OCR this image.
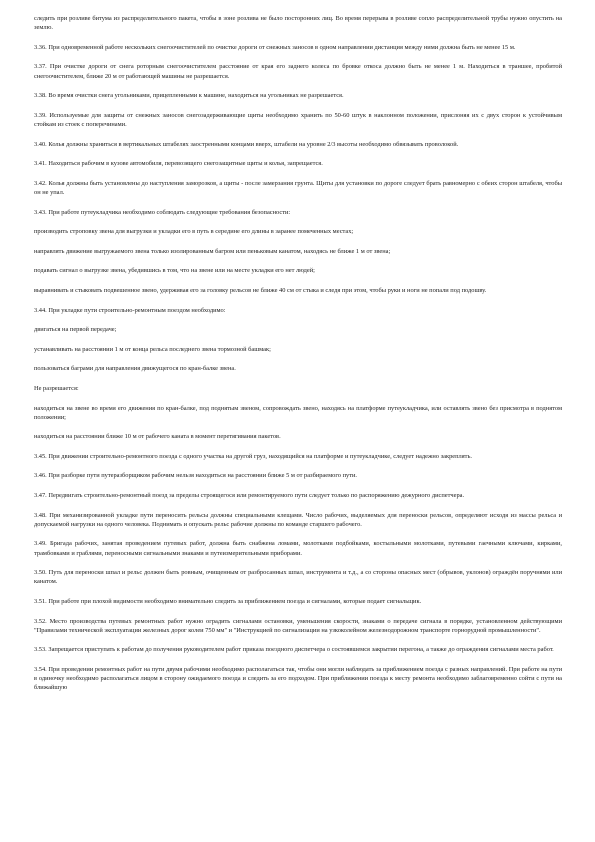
следить при розливе битума из распределительного пакета, чтобы в зоне розлива не было посторонних лиц. Во время перерыва в розливе сопло распределительной трубы нужно опустить на землю.

3.36. При одновременной работе нескольких снегоочистителей по очистке дороги от снежных заносов в одном направлении дистанция между ними должна быть не менее 15 м.

3.37. При очистке дороги от снега роторным снегоочистителем расстояние от края его заднего колеса по бровке откоса должно быть не менее 1 м. Находиться в траншее, пробитой снегоочистителем, ближе 20 м от работающей машины не разрешается.

3.38. Во время очистки снега угольниками, прицепленными к машине, находиться на угольниках не разрешается.

3.39. Используемые для защиты от снежных заносов снегозадерживающие щиты необходимо хранить по 50-60 штук в наклонном положении, прислоняя их с двух сторон к устойчивым стойкам из стоек с поперечинами.

3.40. Колья должны храниться в вертикальных штабелях заостренными концами вверх, штабели на уровне 2/3 высоты необходимо обвязывать проволокой.

3.41. Находиться рабочим в кузове автомобиля, перевозящего снегозащитные щиты и колья, запрещается.

3.42. Колья должны быть установлены до наступления заморозков, а щиты - после замерзания грунта. Щиты для установки по дороге следует брать равномерно с обеих сторон штабеля, чтобы он не упал.

3.43. При работе путеукладчика необходимо соблюдать следующие требования безопасности:

производить строповку звена для выгрузки и укладки его в путь в середине его длины в заранее помеченных местах;

направлять движение выгружаемого звена только изолированным багром или пеньковым канатом, находясь не ближе 1 м от звена;

подавать сигнал о выгрузке звена, убедившись в том, что на звене или на месте укладки его нет людей;

выравнивать и стыковать подвешенное звено, удерживая его за головку рельсов не ближе 40 см от стыка и следя при этом, чтобы руки и ноги не попали под подошву.

3.44. При укладке пути строительно-ремонтным поездом необходимо:

двигаться на первой передаче;

устанавливать на расстоянии 1 м от конца рельса последнего звена тормозной башмак;

пользоваться баграми для направления движущегося по кран-балке звена.

Не разрешается:

находиться на звене во время его движения по кран-балке, под поднятым звеном, сопровождать звено, находясь на платформе путеукладчика, или оставлять звено без присмотра в поднятом положении;

находиться на расстоянии ближе 10 м от рабочего каната в момент перетягивания пакетов.

3.45. При движении строительно-ремонтного поезда с одного участка на другой груз, находящийся на платформе и путеукладчике, следует надежно закреплять.

3.46. При разборке пути путеразборщиком рабочим нельзя находиться на расстоянии ближе 5 м от разбираемого пути.

3.47. Передвигать строительно-ремонтный поезд за пределы строящегося или ремонтируемого пути следует только по распоряжению дежурного диспетчера.

3.48. При механизированной укладке пути переносить рельсы должны специальными клещами. Число рабочих, выделяемых для переноски рельсов, определяют исходя из массы рельса и допускаемой нагрузки на одного человека. Поднимать и опускать рельс рабочие должны по команде старшего рабочего.

3.49. Бригада рабочих, занятая проведением путевых работ, должна быть снабжена ломами, молотками подбойками, костыльными молотками, путевыми гаечными ключами, кирками, трамбовками и граблями, переносными сигнальными знаками и путеизмерительными приборами.

3.50. Путь для переноски шпал и рельс должен быть ровным, очищенным от разбросанных шпал, инструмента и т.д., а со стороны опасных мест (обрывов, уклонов) ограждён поручнями или канатом.

3.51. При работе при плохой видимости необходимо внимательно следить за приближением поезда и сигналами, которые подает сигнальщик.

3.52. Место производства путевых ремонтных работ нужно оградить сигналами остановки, уменьшения скорости, знаками о передаче сигнала в порядке, установленном действующими "Правилами технической эксплуатации железных дорог колеи 750 мм" и "Инструкцией по сигнализации на узкоколейном железнодорожном транспорте горнорудной промышленности".

3.53. Запрещается приступать к работам до получения руководителем работ приказа поездного диспетчера о состоявшемся закрытии перегона, а также до ограждения сигналами места работ.

3.54. При проведении ремонтных работ на пути двумя рабочими необходимо располагаться так, чтобы они могли наблюдать за приближением поезда с разных направлений. При работе на пути в одиночку необходимо располагаться лицом в сторону ожидаемого поезда и следить за его подходом. При приближении поезда к месту ремонта необходимо заблаговременно сойти с пути на ближайшую
